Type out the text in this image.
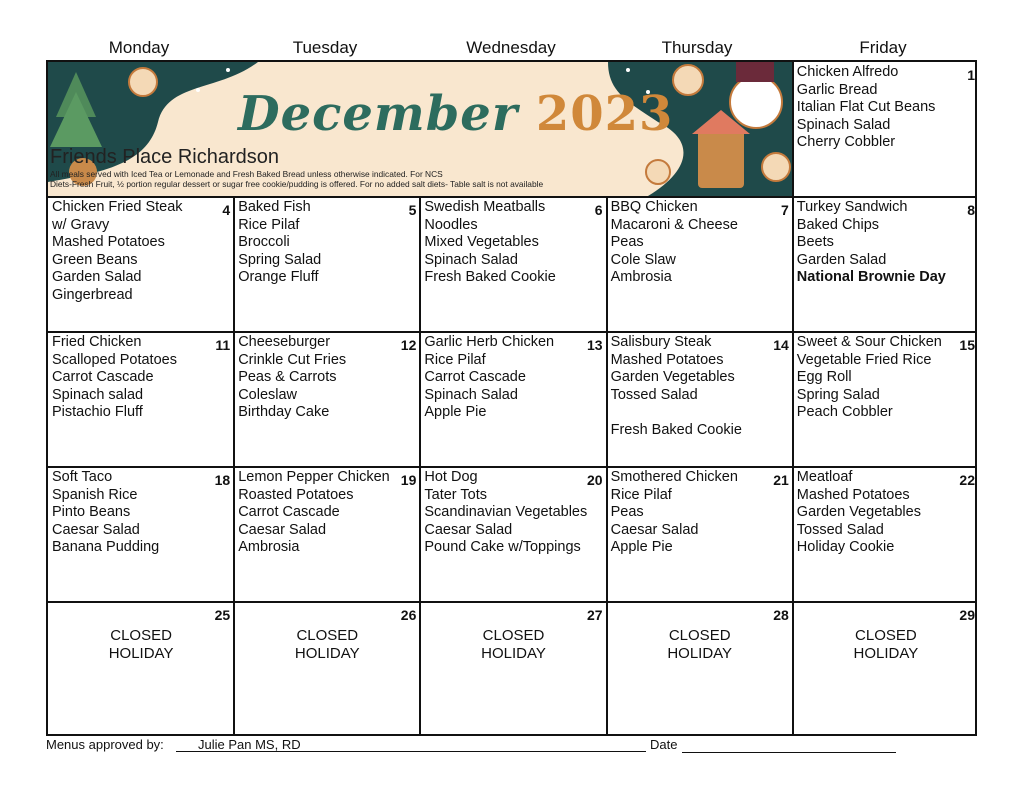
Monday	Tuesday	Wednesday	Thursday	Friday
December 2023
Friends Place Richardson
All meals served with Iced Tea or Lemonade and Fresh Baked Bread unless otherwise indicated. For NCS
Diets-Fresh Fruit, ½ portion regular dessert or sugar free cookie/pudding is offered. For no added salt diets- Table salt is not available
1
Chicken Alfredo
Garlic Bread
Italian Flat Cut Beans
Spinach Salad
Cherry Cobbler
4
Chicken Fried Steak
w/ Gravy
Mashed Potatoes
Green Beans
Garden Salad
Gingerbread
5
Baked Fish
Rice Pilaf
Broccoli
Spring Salad
Orange Fluff
6
Swedish Meatballs
Noodles
Mixed Vegetables
Spinach Salad
Fresh Baked Cookie
7
BBQ Chicken
Macaroni & Cheese
Peas
Cole Slaw
Ambrosia
8
Turkey Sandwich
Baked Chips
Beets
Garden Salad
National Brownie Day
11
Fried Chicken
Scalloped Potatoes
Carrot Cascade
Spinach salad
Pistachio Fluff
12
Cheeseburger
Crinkle Cut Fries
Peas & Carrots
Coleslaw
Birthday Cake
13
Garlic Herb Chicken
Rice Pilaf
Carrot Cascade
Spinach Salad
Apple Pie
14
Salisbury Steak
Mashed Potatoes
Garden Vegetables
Tossed Salad
Fresh Baked Cookie
15
Sweet & Sour Chicken
Vegetable Fried Rice
Egg Roll
Spring Salad
Peach Cobbler
18
Soft Taco
Spanish Rice
Pinto Beans
Caesar Salad
Banana Pudding
19
Lemon Pepper Chicken
Roasted Potatoes
Carrot Cascade
Caesar Salad
Ambrosia
20
Hot Dog
Tater Tots
Scandinavian Vegetables
Caesar Salad
Pound Cake w/Toppings
21
Smothered Chicken
Rice Pilaf
Peas
Caesar Salad
Apple Pie
22
Meatloaf
Mashed Potatoes
Garden Vegetables
Tossed Salad
Holiday Cookie
25
CLOSED
HOLIDAY
26
CLOSED
HOLIDAY
27
CLOSED
HOLIDAY
28
CLOSED
HOLIDAY
29
CLOSED
HOLIDAY
Menus approved by:	Julie Pan MS, RD	Date
